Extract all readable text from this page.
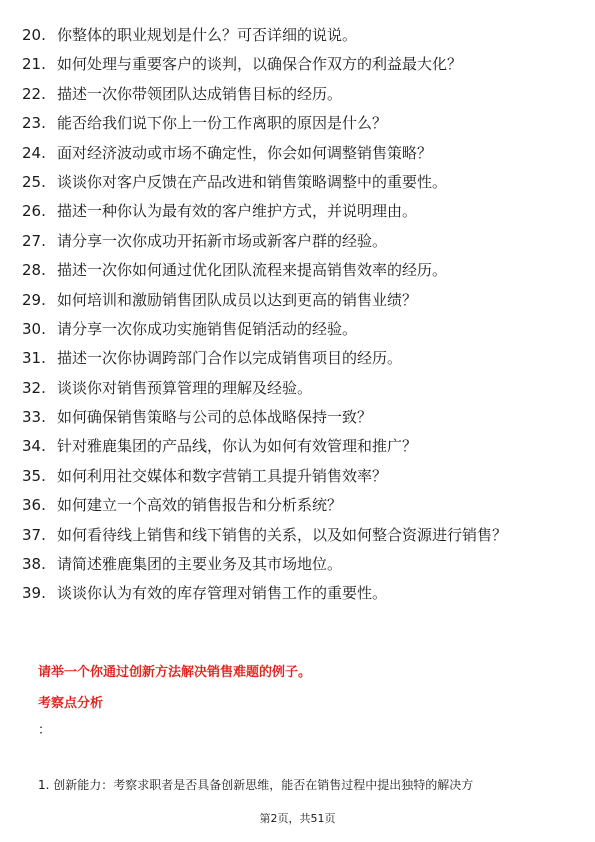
20. 你整体的职业规划是什么？可否详细的说说。
21. 如何处理与重要客户的谈判，以确保合作双方的利益最大化？
22. 描述一次你带领团队达成销售目标的经历。
23. 能否给我们说下你上一份工作离职的原因是什么？
24. 面对经济波动或市场不确定性，你会如何调整销售策略？
25. 谈谈你对客户反馈在产品改进和销售策略调整中的重要性。
26. 描述一种你认为最有效的客户维护方式，并说明理由。
27. 请分享一次你成功开拓新市场或新客户群的经验。
28. 描述一次你如何通过优化团队流程来提高销售效率的经历。
29. 如何培训和激励销售团队成员以达到更高的销售业绩？
30. 请分享一次你成功实施销售促销活动的经验。
31. 描述一次你协调跨部门合作以完成销售项目的经历。
32. 谈谈你对销售预算管理的理解及经验。
33. 如何确保销售策略与公司的总体战略保持一致？
34. 针对雅鹿集团的产品线，你认为如何有效管理和推广？
35. 如何利用社交媒体和数字营销工具提升销售效率？
36. 如何建立一个高效的销售报告和分析系统？
37. 如何看待线上销售和线下销售的关系，以及如何整合资源进行销售？
38. 请简述雅鹿集团的主要业务及其市场地位。
39. 谈谈你认为有效的库存管理对销售工作的重要性。
请举一个你通过创新方法解决销售难题的例子。
考察点分析
：
1. 创新能力：考察求职者是否具备创新思维，能否在销售过程中提出独特的解决方
第2页，共51页
